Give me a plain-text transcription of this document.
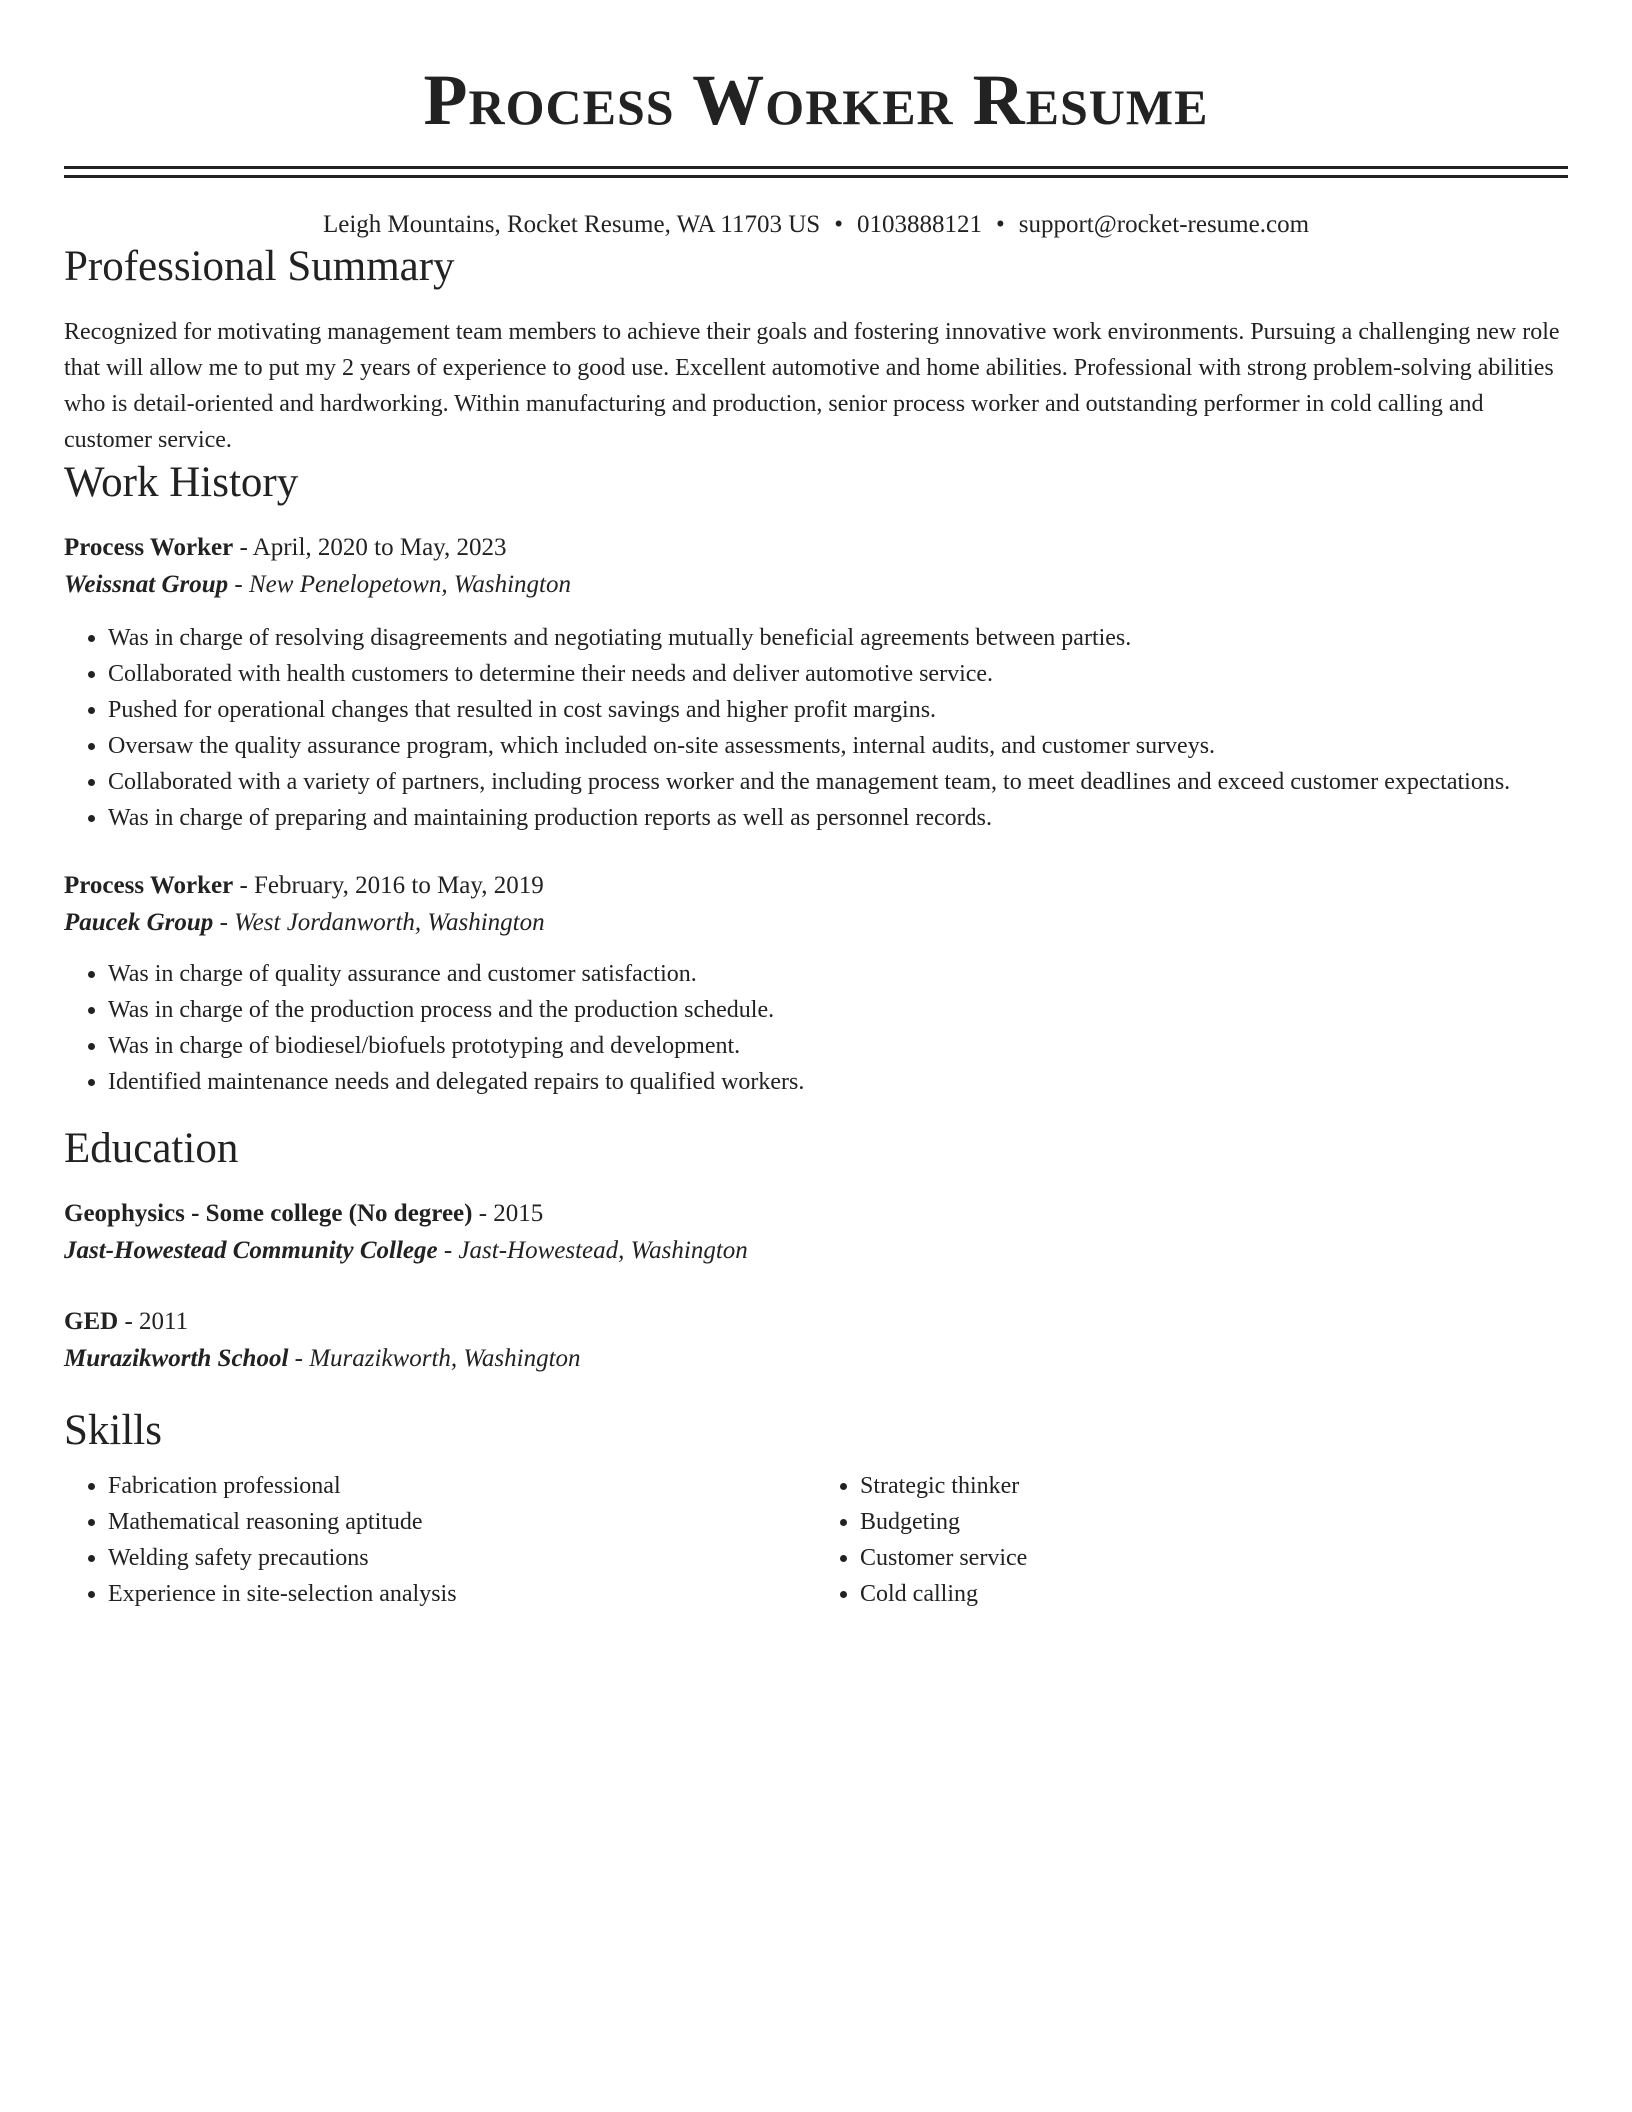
Process Worker Resume
Leigh Mountains, Rocket Resume, WA 11703 US • 0103888121 • support@rocket-resume.com
Professional Summary

Recognized for motivating management team members to achieve their goals and fostering innovative work environments. Pursuing a challenging new role that will allow me to put my 2 years of experience to good use. Excellent automotive and home abilities. Professional with strong problem-solving abilities who is detail-oriented and hardworking. Within manufacturing and production, senior process worker and outstanding performer in cold calling and customer service.

Work History
Process Worker - April, 2020 to May, 2023
Weissnat Group - New Penelopetown, Washington
• Was in charge of resolving disagreements and negotiating mutually beneficial agreements between parties.
• Collaborated with health customers to determine their needs and deliver automotive service.
• Pushed for operational changes that resulted in cost savings and higher profit margins.
• Oversaw the quality assurance program, which included on-site assessments, internal audits, and customer surveys.
• Collaborated with a variety of partners, including process worker and the management team, to meet deadlines and exceed customer expectations.
• Was in charge of preparing and maintaining production reports as well as personnel records.
Process Worker - February, 2016 to May, 2019
Paucek Group - West Jordanworth, Washington
• Was in charge of quality assurance and customer satisfaction.
• Was in charge of the production process and the production schedule.
• Was in charge of biodiesel/biofuels prototyping and development.
• Identified maintenance needs and delegated repairs to qualified workers.
Education
Geophysics - Some college (No degree) - 2015
Jast-Howestead Community College - Jast-Howestead, Washington
GED - 2011
Murazikworth School - Murazikworth, Washington
Skills
• Fabrication professional
• Mathematical reasoning aptitude
• Welding safety precautions
• Experience in site-selection analysis
• Strategic thinker
• Budgeting
• Customer service
• Cold calling
